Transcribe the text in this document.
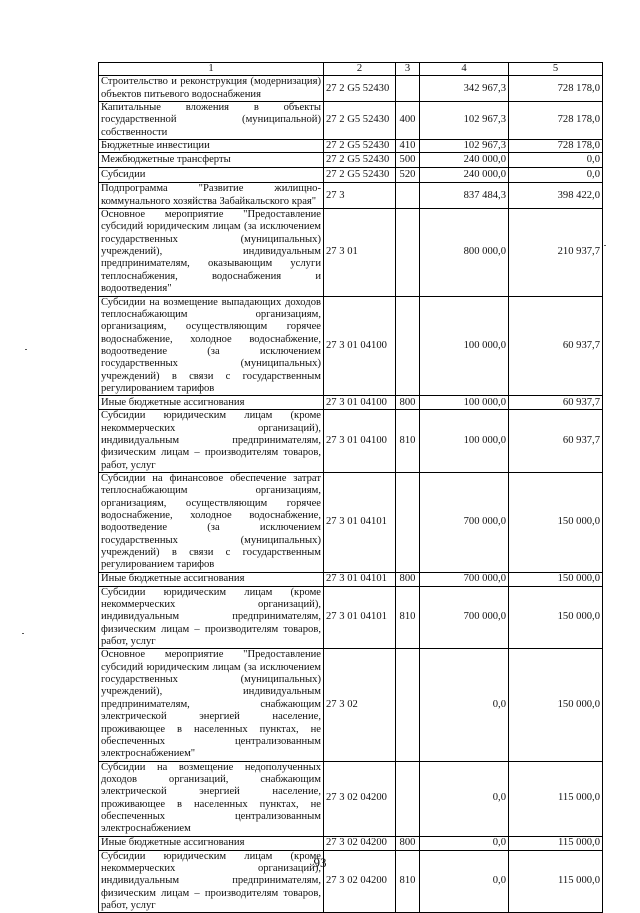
1	2	3	4	5
Строительство и реконструкция (модернизация) объектов питьевого водоснабжения	27 2 G5 52430		342 967,3	728 178,0
Капитальные вложения в объекты государственной (муниципальной) собственности	27 2 G5 52430	400	102 967,3	728 178,0
Бюджетные инвестиции	27 2 G5 52430	410	102 967,3	728 178,0
Межбюджетные трансферты	27 2 G5 52430	500	240 000,0	0,0
Субсидии	27 2 G5 52430	520	240 000,0	0,0
Подпрограмма "Развитие жилищно-коммунального хозяйства Забайкальского края"	27 3		837 484,3	398 422,0
Основное мероприятие "Предоставление субсидий юридическим лицам (за исключением государственных (муниципальных) учреждений), индивидуальным предпринимателям, оказывающим услуги теплоснабжения, водоснабжения и водоотведения"	27 3 01		800 000,0	210 937,7
Субсидии на возмещение выпадающих доходов теплоснабжающим организациям, организациям, осуществляющим горячее водоснабжение, холодное водоснабжение, водоотведение (за исключением государственных (муниципальных) учреждений) в связи с государственным регулированием тарифов	27 3 01 04100		100 000,0	60 937,7
Иные бюджетные ассигнования	27 3 01 04100	800	100 000,0	60 937,7
Субсидии юридическим лицам (кроме некоммерческих организаций), индивидуальным предпринимателям, физическим лицам – производителям товаров, работ, услуг	27 3 01 04100	810	100 000,0	60 937,7
Субсидии на финансовое обеспечение затрат теплоснабжающим организациям, организациям, осуществляющим горячее водоснабжение, холодное водоснабжение, водоотведение (за исключением государственных (муниципальных) учреждений) в связи с государственным регулированием тарифов	27 3 01 04101		700 000,0	150 000,0
Иные бюджетные ассигнования	27 3 01 04101	800	700 000,0	150 000,0
Субсидии юридическим лицам (кроме некоммерческих организаций), индивидуальным предпринимателям, физическим лицам – производителям товаров, работ, услуг	27 3 01 04101	810	700 000,0	150 000,0
Основное мероприятие "Предоставление субсидий юридическим лицам (за исключением государственных (муниципальных) учреждений), индивидуальным предпринимателям, снабжающим электрической энергией население, проживающее в населенных пунктах, не обеспеченных централизованным электроснабжением"	27 3 02		0,0	150 000,0
Субсидии на возмещение недополученных доходов организаций, снабжающим электрической энергией население, проживающее в населенных пунктах, не обеспеченных централизованным электроснабжением	27 3 02 04200		0,0	115 000,0
Иные бюджетные ассигнования	27 3 02 04200	800	0,0	115 000,0
Субсидии юридическим лицам (кроме некоммерческих организаций), индивидуальным предпринимателям, физическим лицам – производителям товаров, работ, услуг	27 3 02 04200	810	0,0	115 000,0
93
